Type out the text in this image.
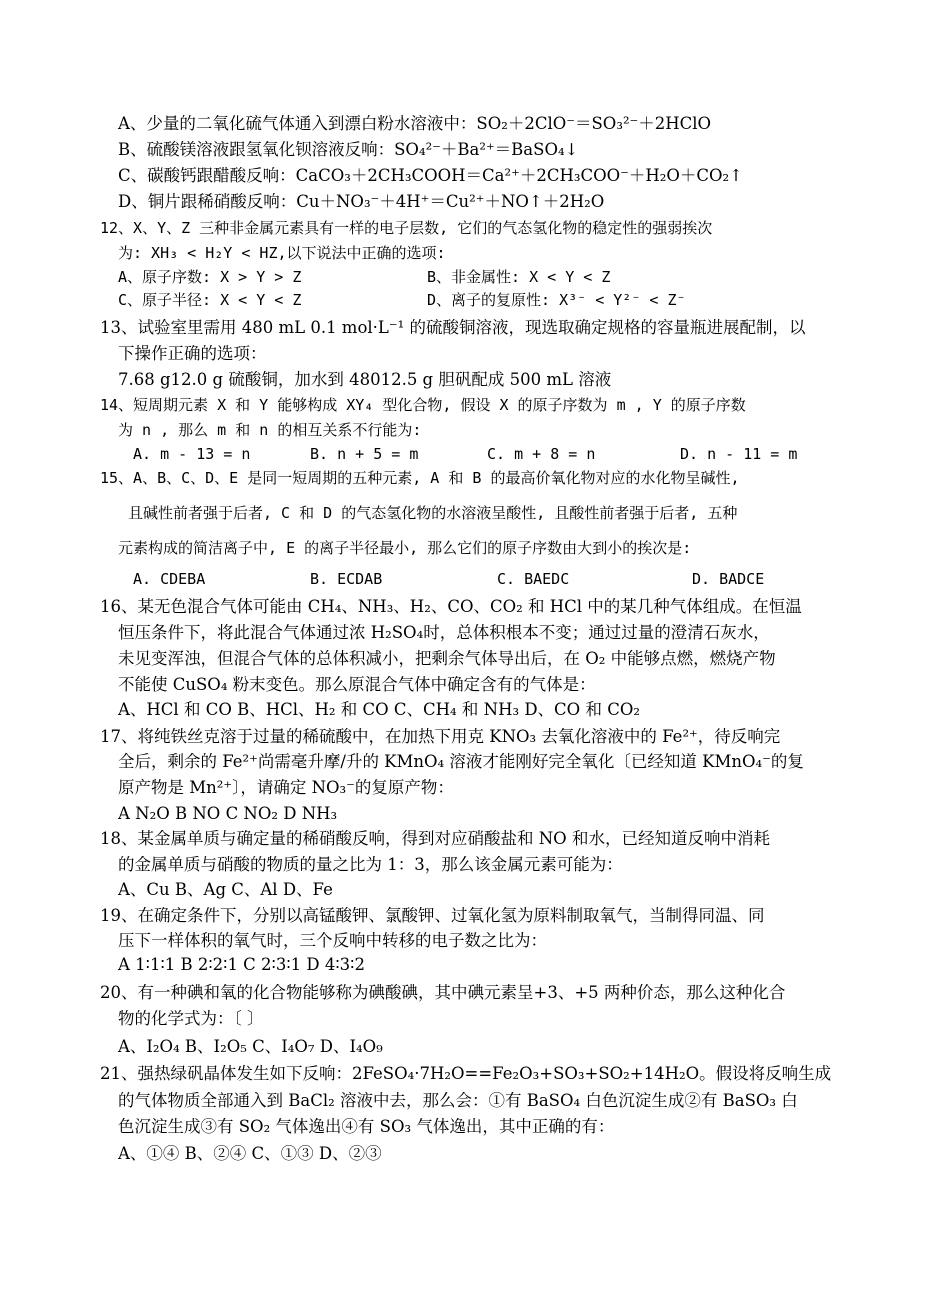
A、少量的二氧化硫气体通入到漂白粉水溶液中：SO₂＋2ClO⁻＝SO₃²⁻＋2HClO
B、硫酸镁溶液跟氢氧化钡溶液反响：SO₄²⁻＋Ba²⁺＝BaSO₄↓
C、碳酸钙跟醋酸反响：CaCO₃＋2CH₃COOH＝Ca²⁺＋2CH₃COO⁻＋H₂O＋CO₂↑
D、铜片跟稀硝酸反响：Cu＋NO₃⁻＋4H⁺＝Cu²⁺＋NO↑＋2H₂O
12、X、Y、Z 三种非金属元素具有一样的电子层数, 它们的气态氢化物的稳定性的强弱挨次
为: XH₃ < H₂Y < HZ,以下说法中正确的选项:
A、原子序数: X > Y > Z	B、非金属性: X < Y < Z
C、原子半径: X < Y < Z	D、离子的复原性: X³⁻ < Y²⁻ < Z⁻
13、试验室里需用 480 mL 0.1 mol·L⁻¹ 的硫酸铜溶液，现选取确定规格的容量瓶进展配制，以
下操作正确的选项：
7.68 g12.0 g 硫酸铜，加水到 48012.5 g 胆矾配成 500 mL 溶液
14、短周期元素 X 和 Y 能够构成 XY₄ 型化合物, 假设 X 的原子序数为 m , Y 的原子序数
为 n , 那么 m 和 n 的相互关系不行能为:
A. m - 13 = n	B. n + 5 = m	C. m + 8 = n	D. n - 11 = m
15、A、B、C、D、E 是同一短周期的五种元素, A 和 B 的最高价氧化物对应的水化物呈碱性,
且碱性前者强于后者, C 和 D 的气态氢化物的水溶液呈酸性, 且酸性前者强于后者, 五种
元素构成的简洁离子中, E 的离子半径最小, 那么它们的原子序数由大到小的挨次是:
A. CDEBA	B. ECDAB	C. BAEDC	D. BADCE
16、某无色混合气体可能由 CH₄、NH₃、H₂、CO、CO₂ 和 HCl 中的某几种气体组成。在恒温
恒压条件下，将此混合气体通过浓 H₂SO₄时，总体积根本不变；通过过量的澄清石灰水，
未见变浑浊，但混合气体的总体积减小，把剩余气体导出后，在 O₂ 中能够点燃，燃烧产物
不能使 CuSO₄ 粉末变色。那么原混合气体中确定含有的气体是：
A、HCl 和 CO B、HCl、H₂ 和 CO C、CH₄ 和 NH₃ D、CO 和 CO₂
17、将纯铁丝克溶于过量的稀硫酸中，在加热下用克 KNO₃ 去氧化溶液中的 Fe²⁺，待反响完
全后，剩余的 Fe²⁺尚需毫升摩/升的 KMnO₄ 溶液才能刚好完全氧化〔已经知道 KMnO₄⁻的复
原产物是 Mn²⁺〕，请确定 NO₃⁻的复原产物：
A N₂O B NO C NO₂ D NH₃
18、某金属单质与确定量的稀硝酸反响，得到对应硝酸盐和 NO 和水，已经知道反响中消耗
的金属单质与硝酸的物质的量之比为 1：3，那么该金属元素可能为：
A、Cu B、Ag C、Al D、Fe
19、在确定条件下，分别以高锰酸钾、氯酸钾、过氧化氢为原料制取氧气，当制得同温、同
压下一样体积的氧气时，三个反响中转移的电子数之比为：
A 1∶1∶1 B 2∶2∶1 C 2∶3∶1 D 4∶3∶2
20、有一种碘和氧的化合物能够称为碘酸碘，其中碘元素呈+3、+5 两种价态，那么这种化合
物的化学式为：〔 〕
A、I₂O₄ B、I₂O₅ C、I₄O₇ D、I₄O₉
21、强热绿矾晶体发生如下反响：2FeSO₄·7H₂O==Fe₂O₃+SO₃+SO₂+14H₂O。假设将反响生成
的气体物质全部通入到 BaCl₂ 溶液中去，那么会：①有 BaSO₄ 白色沉淀生成②有 BaSO₃ 白
色沉淀生成③有 SO₂ 气体逸出④有 SO₃ 气体逸出，其中正确的有：
A、①④ B、②④ C、①③ D、②③
